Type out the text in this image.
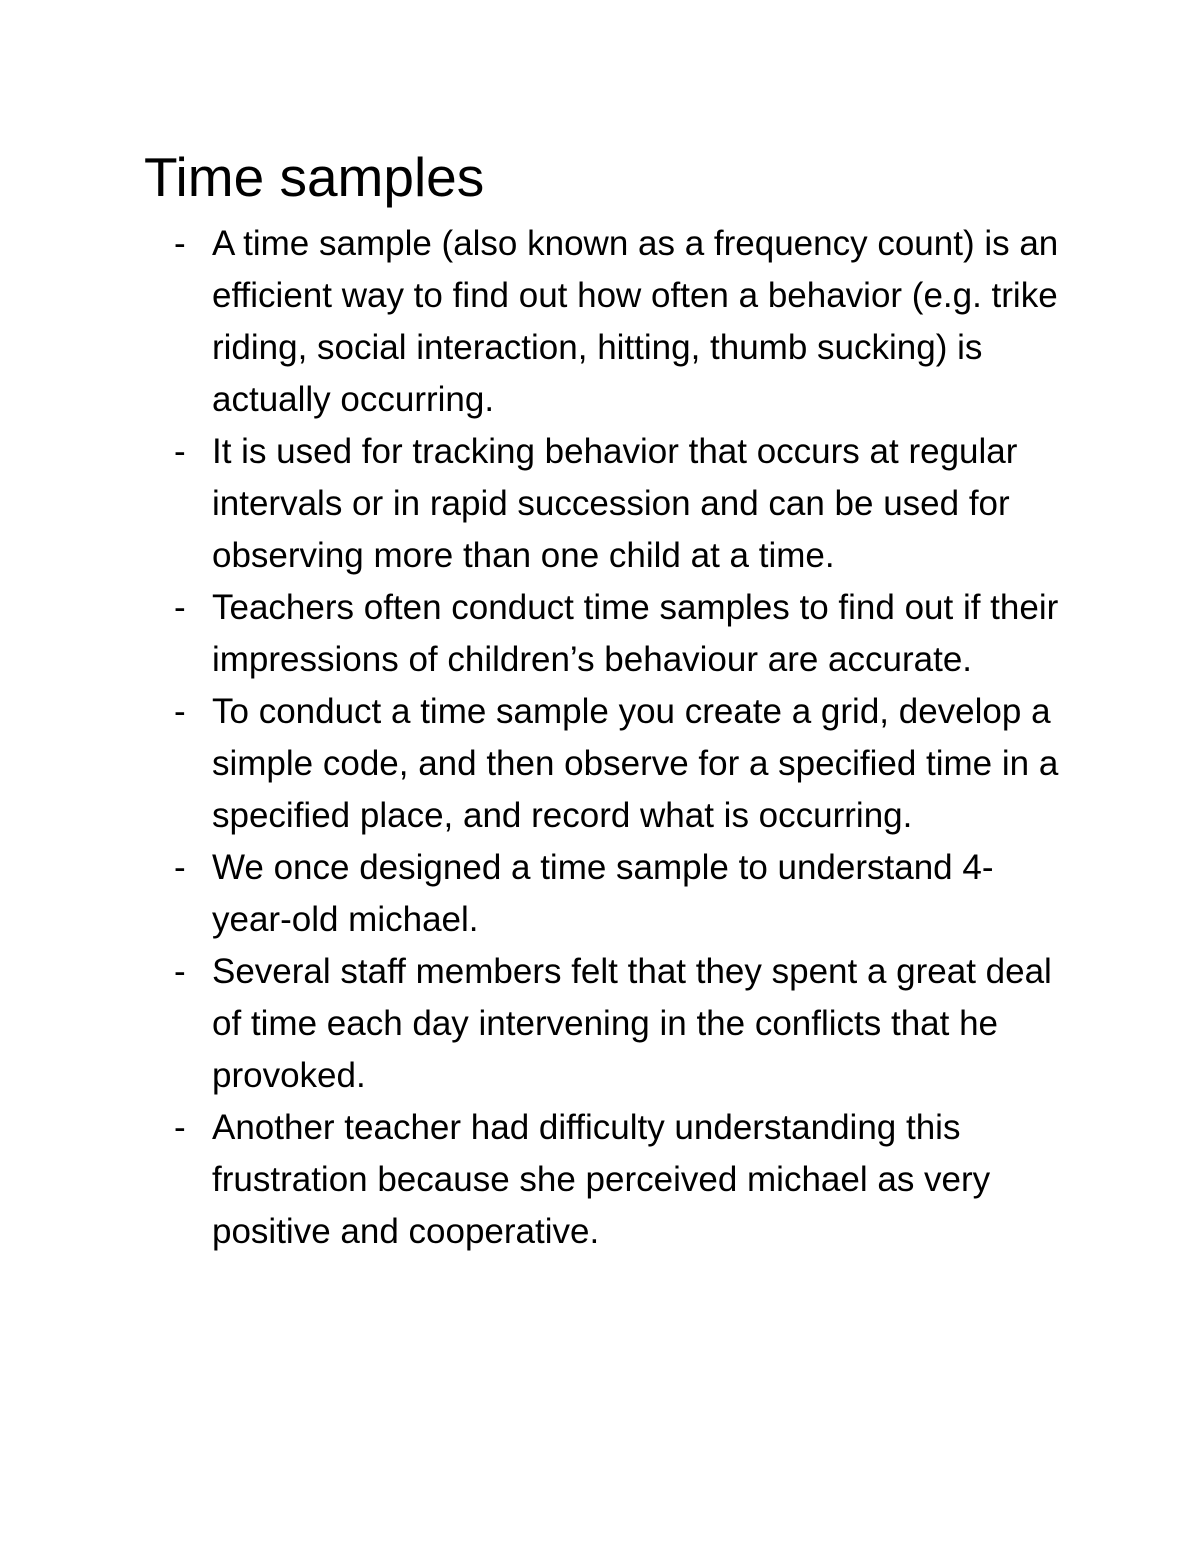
Time samples
- A time sample (also known as a frequency count) is an efficient way to find out how often a behavior (e.g. trike riding, social interaction, hitting, thumb sucking) is actually occurring.
- It is used for tracking behavior that occurs at regular intervals or in rapid succession and can be used for observing more than one child at a time.
- Teachers often conduct time samples to find out if their impressions of children’s behaviour are accurate.
- To conduct a time sample you create a grid, develop a simple code, and then observe for a specified time in a specified place, and record what is occurring.
- We once designed a time sample to understand 4-year-old michael.
- Several staff members felt that they spent a great deal of time each day intervening in the conflicts that he provoked.
- Another teacher had difficulty understanding this frustration because she perceived michael as very positive and cooperative.
